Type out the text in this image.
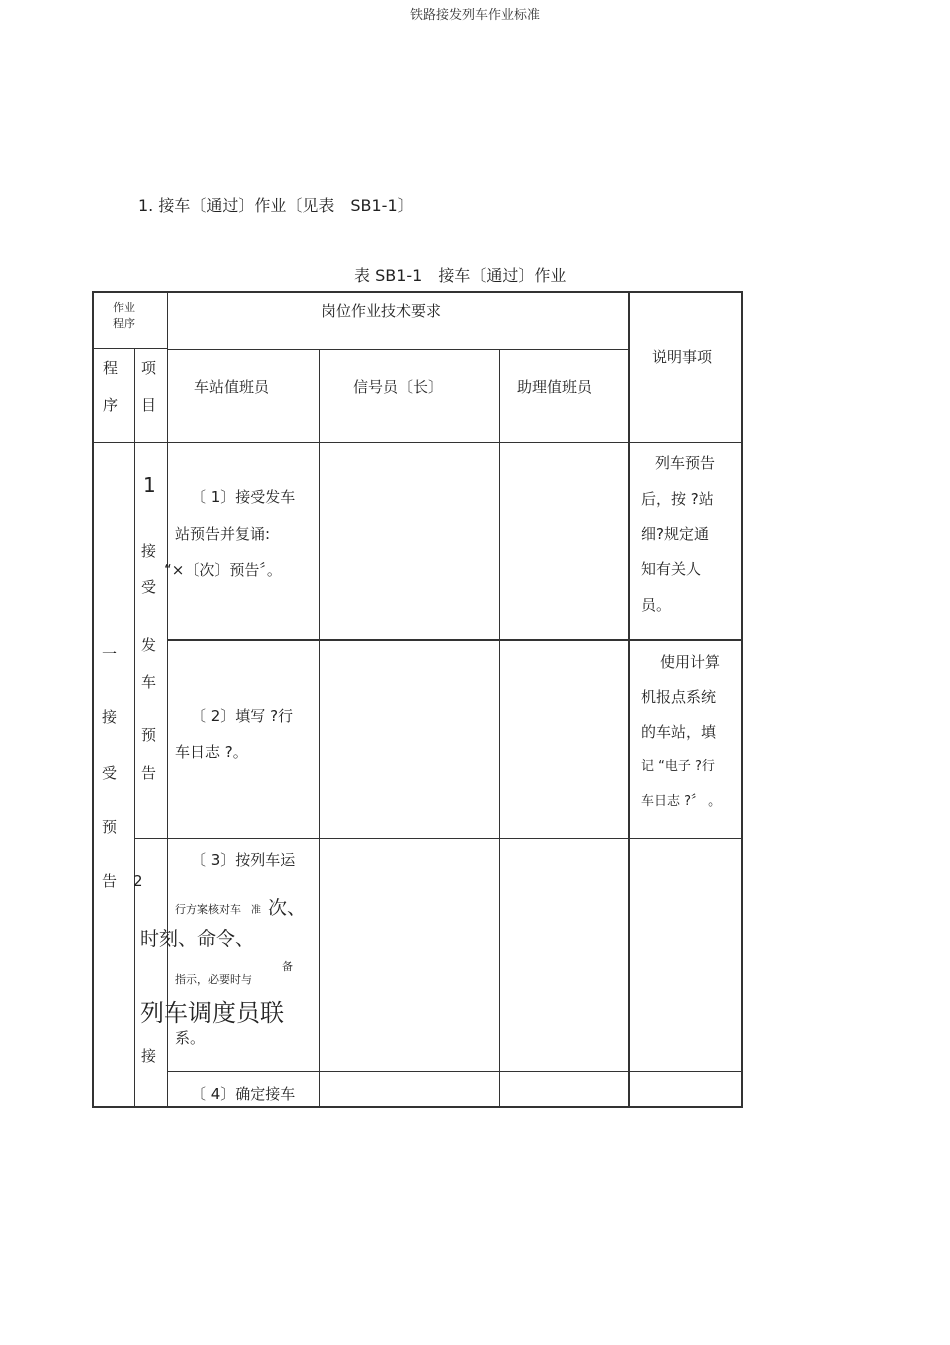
铁路接发列车作业标准
1. 接车〔通过〕作业〔见表　SB1-1〕
表 SB1-1　接车〔通过〕作业
作业
程序
岗位作业技术要求
说明事项
程
序
项
目
车站值班员	信号员〔长〕	助理值班员
一
接
受
预
告
1
接
受
发
车
预
告
2
接
〔 1〕接受发车
站预告并复诵:
“×〔次〕预告〞。
列车预告
后，按 ?站
细?规定通
知有关人
员。
〔 2〕填写 ?行
车日志 ?。
使用计算
机报点系统
的车站，填
记 “电子 ?行
车日志 ?〞 。
〔 3〕按列车运
行方案核对车 准 次、
时刻、命令、
指示，必要时与
备
列车调度员联
系。
〔 4〕确定接车
